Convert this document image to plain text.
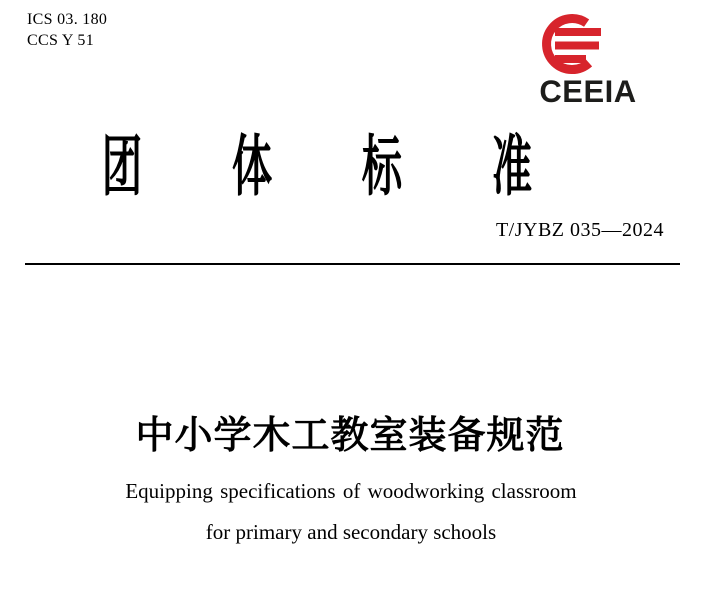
ICS 03. 180
CCS Y 51
CEEIA
团 体 标 准
T/JYBZ 035—2024
中小学木工教室装备规范
Equipping specifications of woodworking classroom
for primary and secondary schools
